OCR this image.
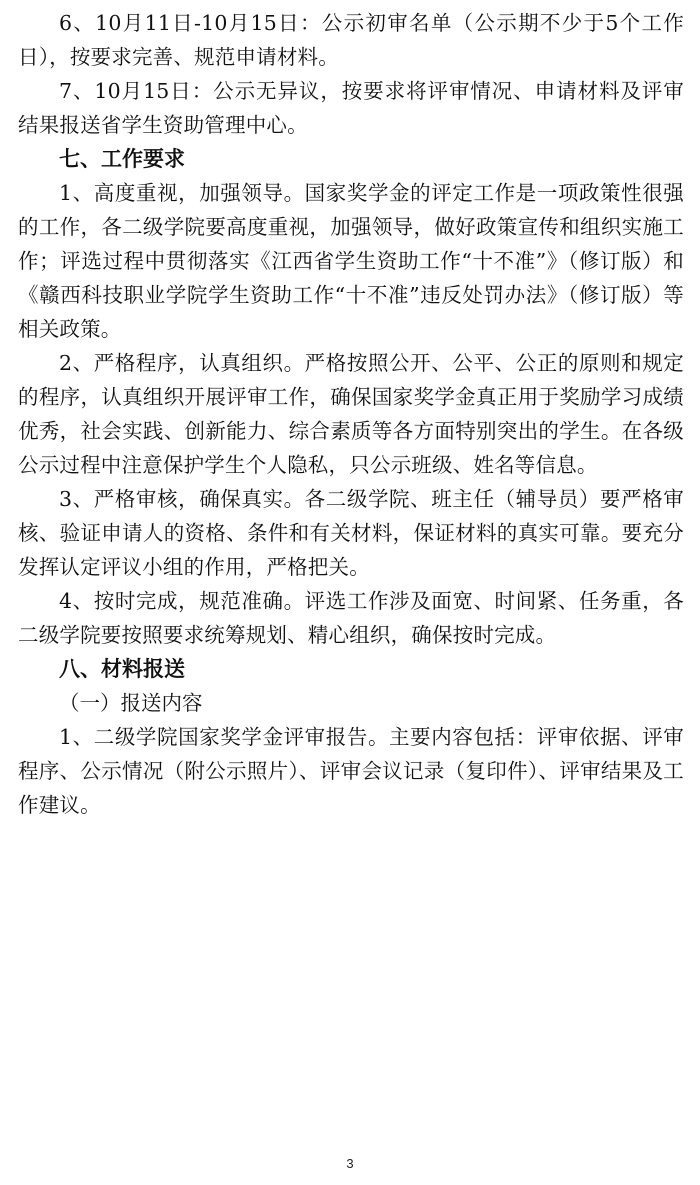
6、10月11日-10月15日：公示初审名单（公示期不少于5个工作日），按要求完善、规范申请材料。

7、10月15日：公示无异议，按要求将评审情况、申请材料及评审结果报送省学生资助管理中心。

七、工作要求

1、高度重视，加强领导。国家奖学金的评定工作是一项政策性很强的工作，各二级学院要高度重视，加强领导，做好政策宣传和组织实施工作；评选过程中贯彻落实《江西省学生资助工作“十不准”》（修订版）和《赣西科技职业学院学生资助工作“十不准”违反处罚办法》（修订版）等相关政策。

2、严格程序，认真组织。严格按照公开、公平、公正的原则和规定的程序，认真组织开展评审工作，确保国家奖学金真正用于奖励学习成绩优秀，社会实践、创新能力、综合素质等各方面特别突出的学生。在各级公示过程中注意保护学生个人隐私，只公示班级、姓名等信息。

3、严格审核，确保真实。各二级学院、班主任（辅导员）要严格审核、验证申请人的资格、条件和有关材料，保证材料的真实可靠。要充分发挥认定评议小组的作用，严格把关。

4、按时完成，规范准确。评选工作涉及面宽、时间紧、任务重，各二级学院要按照要求统筹规划、精心组织，确保按时完成。

八、材料报送

（一）报送内容

1、二级学院国家奖学金评审报告。主要内容包括：评审依据、评审程序、公示情况（附公示照片）、评审会议记录（复印件）、评审结果及工作建议。

3
